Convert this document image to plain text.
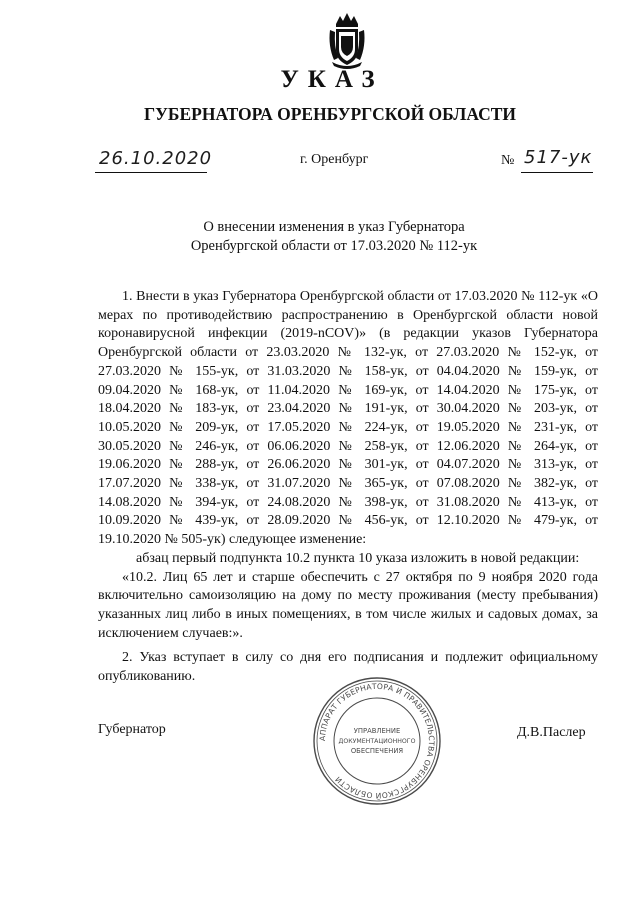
УКАЗ
ГУБЕРНАТОРА ОРЕНБУРГСКОЙ ОБЛАСТИ
26.10.2020	г. Оренбург	№ 517-ук
О внесении изменения в указ Губернатора
Оренбургской области от 17.03.2020 № 112-ук

1. Внести в указ Губернатора Оренбургской области от 17.03.2020 № 112-ук «О мерах по противодействию распространению в Оренбургской области новой коронавирусной инфекции (2019-nCOV)» (в редакции указов Губернатора Оренбургской области от 23.03.2020 № 132-ук, от 27.03.2020 № 152-ук, от 27.03.2020 № 155-ук, от 31.03.2020 № 158-ук, от 04.04.2020 № 159-ук, от 09.04.2020 № 168-ук, от 11.04.2020 № 169-ук, от 14.04.2020 № 175-ук, от 18.04.2020 № 183-ук, от 23.04.2020 № 191-ук, от 30.04.2020 № 203-ук, от 10.05.2020 № 209-ук, от 17.05.2020 № 224-ук, от 19.05.2020 № 231-ук, от 30.05.2020 № 246-ук, от 06.06.2020 № 258-ук, от 12.06.2020 № 264-ук, от 19.06.2020 № 288-ук, от 26.06.2020 № 301-ук, от 04.07.2020 № 313-ук, от 17.07.2020 № 338-ук, от 31.07.2020 № 365-ук, от 07.08.2020 № 382-ук, от 14.08.2020 № 394-ук, от 24.08.2020 № 398-ук, от 31.08.2020 № 413-ук, от 10.09.2020 № 439-ук, от 28.09.2020 № 456-ук, от 12.10.2020 № 479-ук, от 19.10.2020 № 505-ук) следующее изменение:

абзац первый подпункта 10.2 пункта 10 указа изложить в новой редакции:

«10.2. Лиц 65 лет и старше обеспечить с 27 октября по 9 ноября 2020 года включительно самоизоляцию на дому по месту проживания (месту пребывания) указанных лиц либо в иных помещениях, в том числе жилых и садовых домах, за исключением случаев:».

2. Указ вступает в силу со дня его подписания и подлежит официальному опубликованию.

Губернатор	Д.В.Паслер
АППАРАТ ГУБЕРНАТОРА И ПРАВИТЕЛЬСТВА ОРЕНБУРГСКОЙ ОБЛАСТИ
УПРАВЛЕНИЕ
ДОКУМЕНТАЦИОННОГО
ОБЕСПЕЧЕНИЯ
